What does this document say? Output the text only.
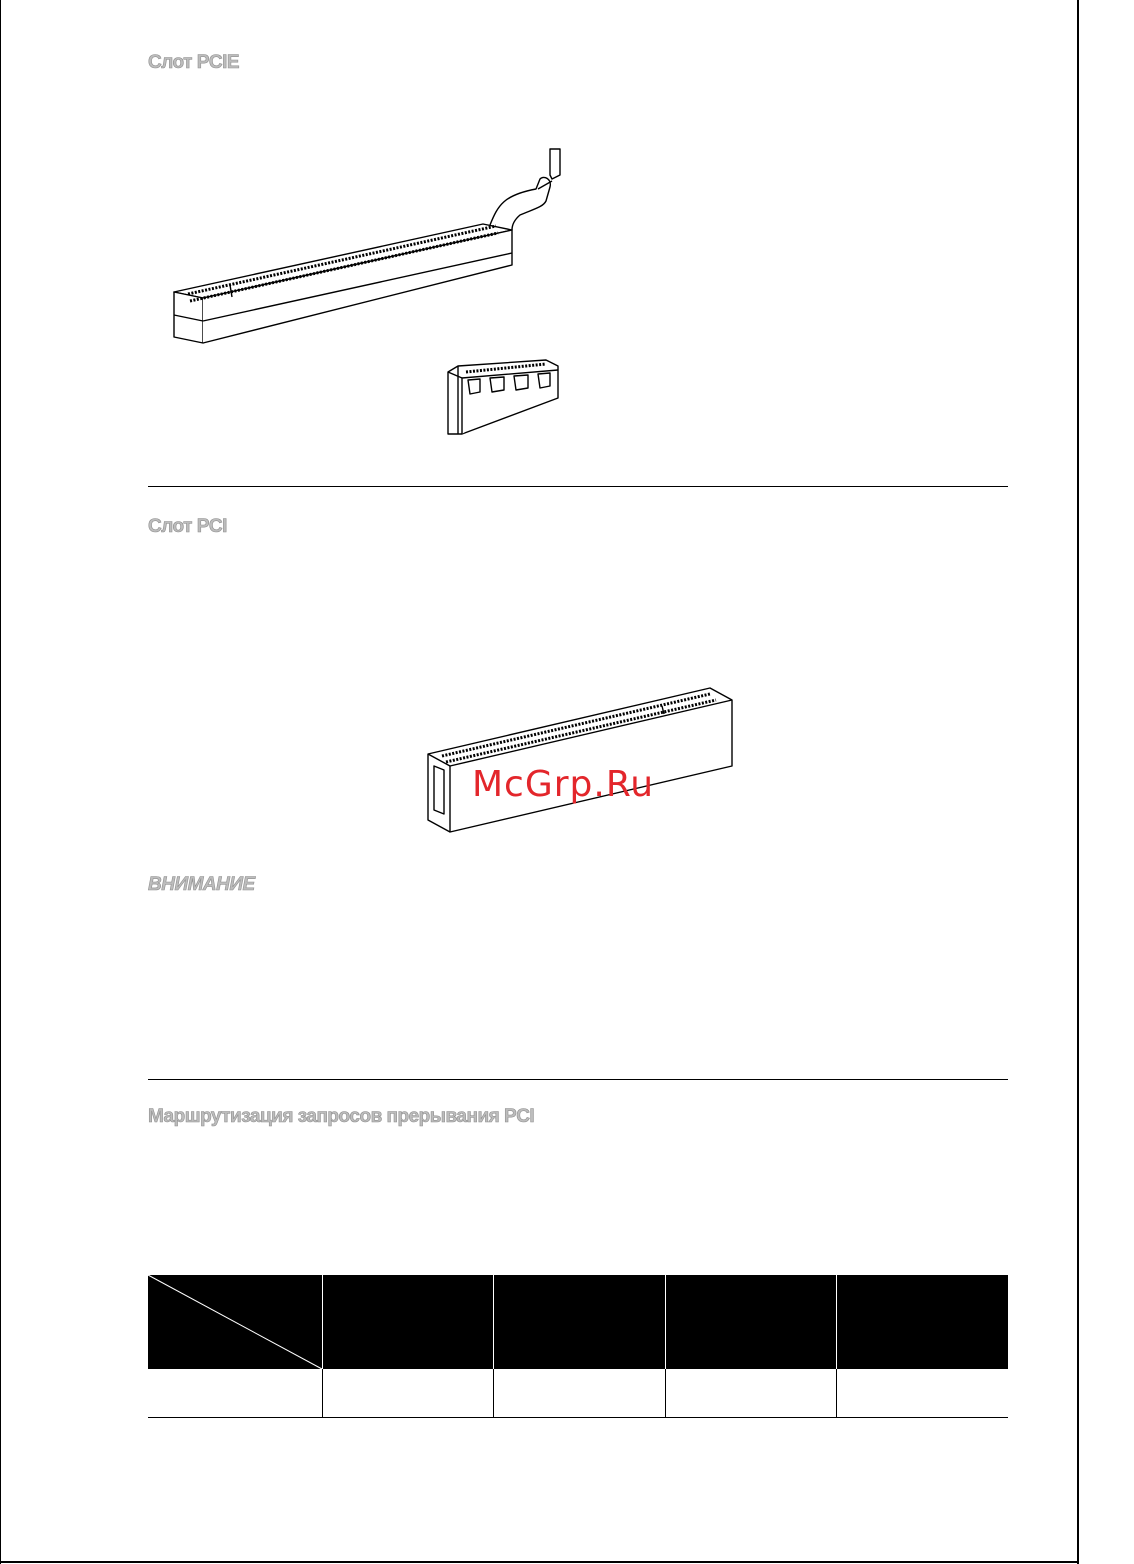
Слот PCIE
Слот PCI
McGrp.Ru
ВНИМАНИЕ
Маршрутизация запросов прерывания PCI
